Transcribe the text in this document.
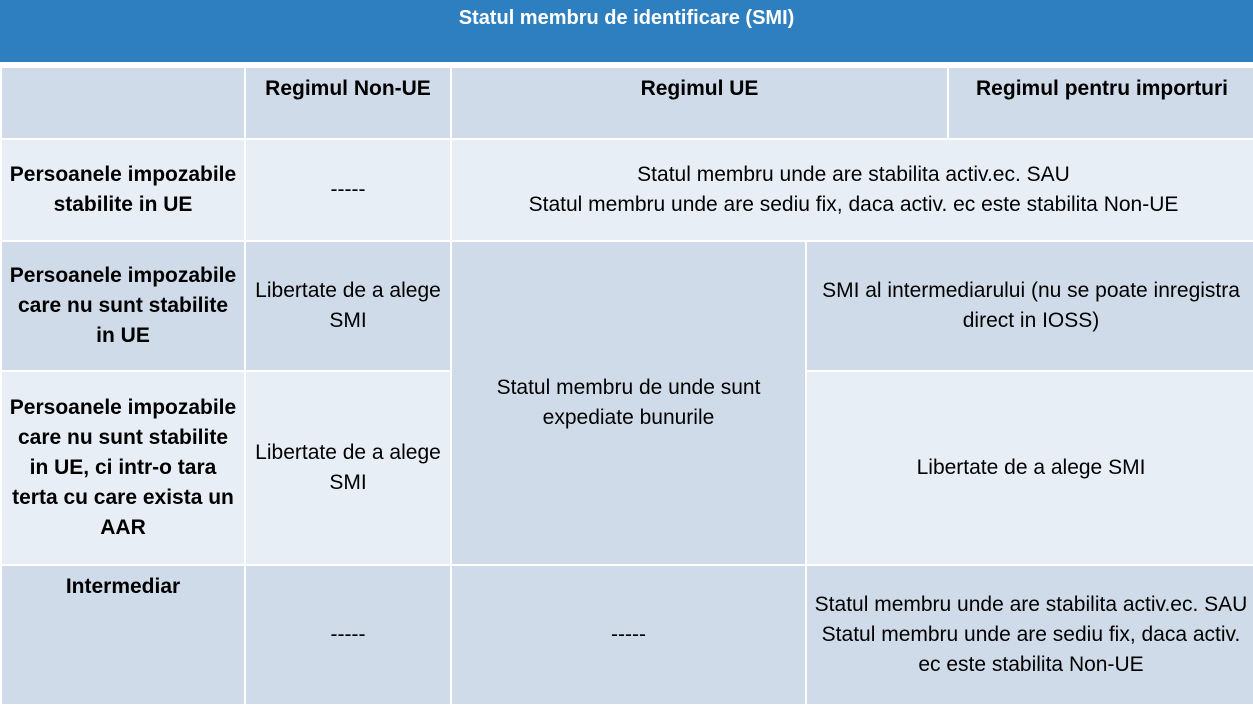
Statul membru de identificare (SMI)
	Regimul Non-UE	Regimul UE		Regimul pentru importuri
Persoanele impozabile stabilite in UE	-----	Statul membru unde are stabilita activ.ec. SAU
Statul membru unde are sediu fix, daca activ. ec este stabilita Non-UE		
Persoanele impozabile care nu sunt stabilite in UE	Libertate de a alege SMI	Statul membru de unde sunt expediate bunurile	SMI al intermediarului (nu se poate inregistra direct in IOSS)	
Persoanele impozabile care nu sunt stabilite in UE, ci intr-o tara terta cu care exista un AAR	Libertate de a alege SMI		Libertate de a alege SMI	
Intermediar	-----	-----	Statul membru unde are stabilita activ.ec. SAU
Statul membru unde are sediu fix, daca activ. ec este stabilita Non-UE	
